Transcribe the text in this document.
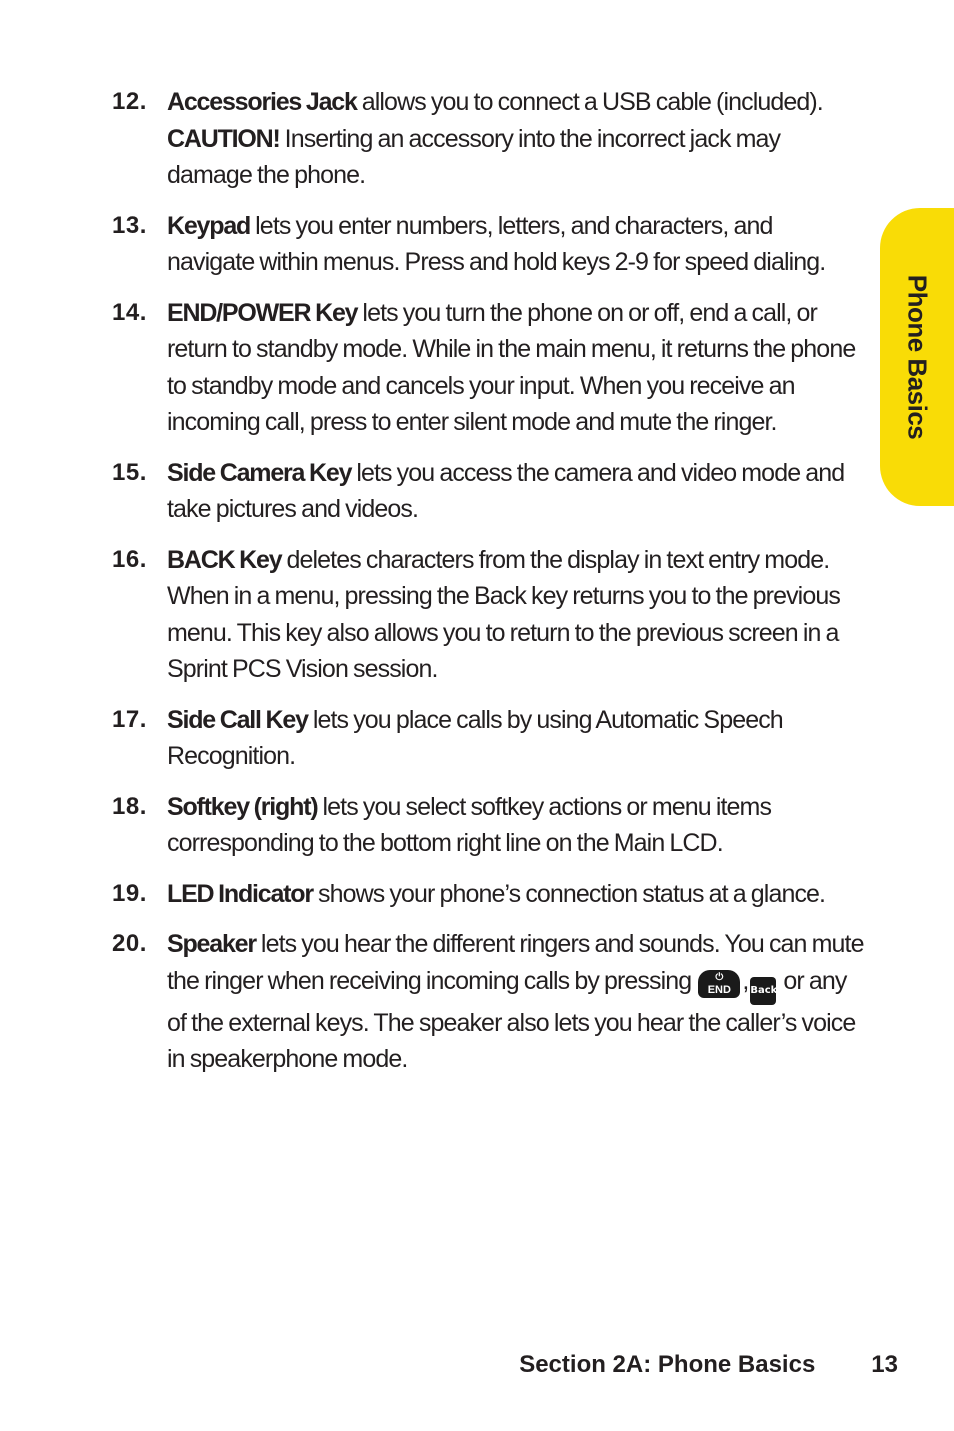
Phone Basics
12. Accessories Jack allows you to connect a USB cable (included). CAUTION! Inserting an accessory into the incorrect jack may damage the phone.
13. Keypad lets you enter numbers, letters, and characters, and navigate within menus. Press and hold keys 2-9 for speed dialing.
14. END/POWER Key lets you turn the phone on or off, end a call, or return to standby mode. While in the main menu, it returns the phone to standby mode and cancels your input. When you receive an incoming call, press to enter silent mode and mute the ringer.
15. Side Camera Key lets you access the camera and video mode and take pictures and videos.
16. BACK Key deletes characters from the display in text entry mode. When in a menu, pressing the Back key returns you to the previous menu. This key also allows you to return to the previous screen in a Sprint PCS Vision session.
17. Side Call Key lets you place calls by using Automatic Speech Recognition.
18. Softkey (right) lets you select softkey actions or menu items corresponding to the bottom right line on the Main LCD.
19. LED Indicator shows your phone’s connection status at a glance.
20. Speaker lets you hear the different ringers and sounds. You can mute the ringer when receiving incoming calls by pressing	⏻
END , Back or any of the external keys. The speaker also lets you hear the caller’s voice in speakerphone mode.
Section 2A: Phone Basics 13
